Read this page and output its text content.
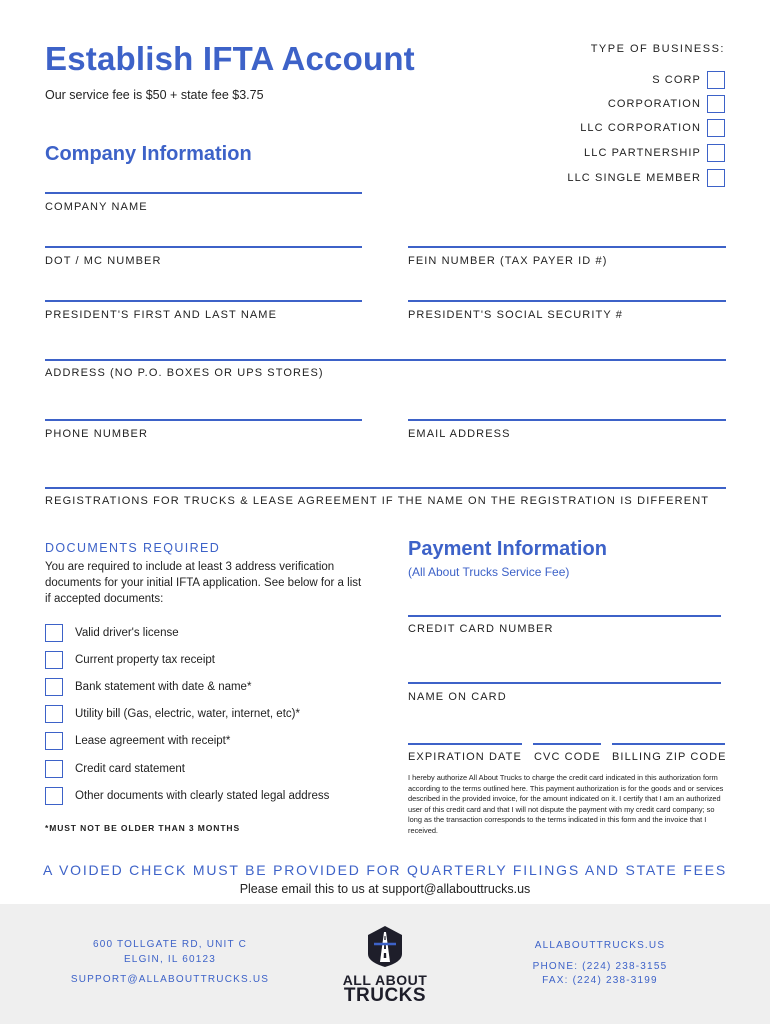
Establish IFTA Account
Our service fee is $50 + state fee $3.75
TYPE OF BUSINESS:
S CORP
CORPORATION
LLC CORPORATION
LLC PARTNERSHIP
LLC SINGLE MEMBER
Company Information
COMPANY NAME
DOT / MC NUMBER	FEIN NUMBER (TAX PAYER ID #)
PRESIDENT'S FIRST AND LAST NAME	PRESIDENT'S SOCIAL SECURITY #
ADDRESS (NO P.O. BOXES OR UPS STORES)
PHONE NUMBER	EMAIL ADDRESS
REGISTRATIONS FOR TRUCKS & LEASE AGREEMENT IF THE NAME ON THE REGISTRATION IS DIFFERENT
DOCUMENTS REQUIRED
You are required to include at least 3 address verification documents for your initial IFTA application. See below for a list if accepted documents:
Valid driver's license
Current property tax receipt
Bank statement with date & name*
Utility bill (Gas, electric, water, internet, etc)*
Lease agreement with receipt*
Credit card statement
Other documents with clearly stated legal address
*MUST NOT BE OLDER THAN 3 MONTHS
Payment Information
(All About Trucks Service Fee)
CREDIT CARD NUMBER
NAME ON CARD
EXPIRATION DATE CVC CODE BILLING ZIP CODE
I hereby authorize All About Trucks to charge the credit card indicated in this authorization form according to the terms outlined here. This payment authorization is for the goods and or services described in the provided invoice, for the amount indicated on it. I certify that I am an authorized user of this credit card and that I will not dispute the payment with my credit card company; so long as the transaction corresponds to the terms indicated in this form and the invoice that I received.
A VOIDED CHECK MUST BE PROVIDED FOR QUARTERLY FILINGS AND STATE FEES
Please email this to us at support@allabouttrucks.us
600 TOLLGATE RD, UNIT C
ELGIN, IL 60123
SUPPORT@ALLABOUTTRUCKS.US	ALL ABOUT
TRUCKS
ALLABOUTTRUCKS.US
PHONE: (224) 238-3155
FAX: (224) 238-3199
